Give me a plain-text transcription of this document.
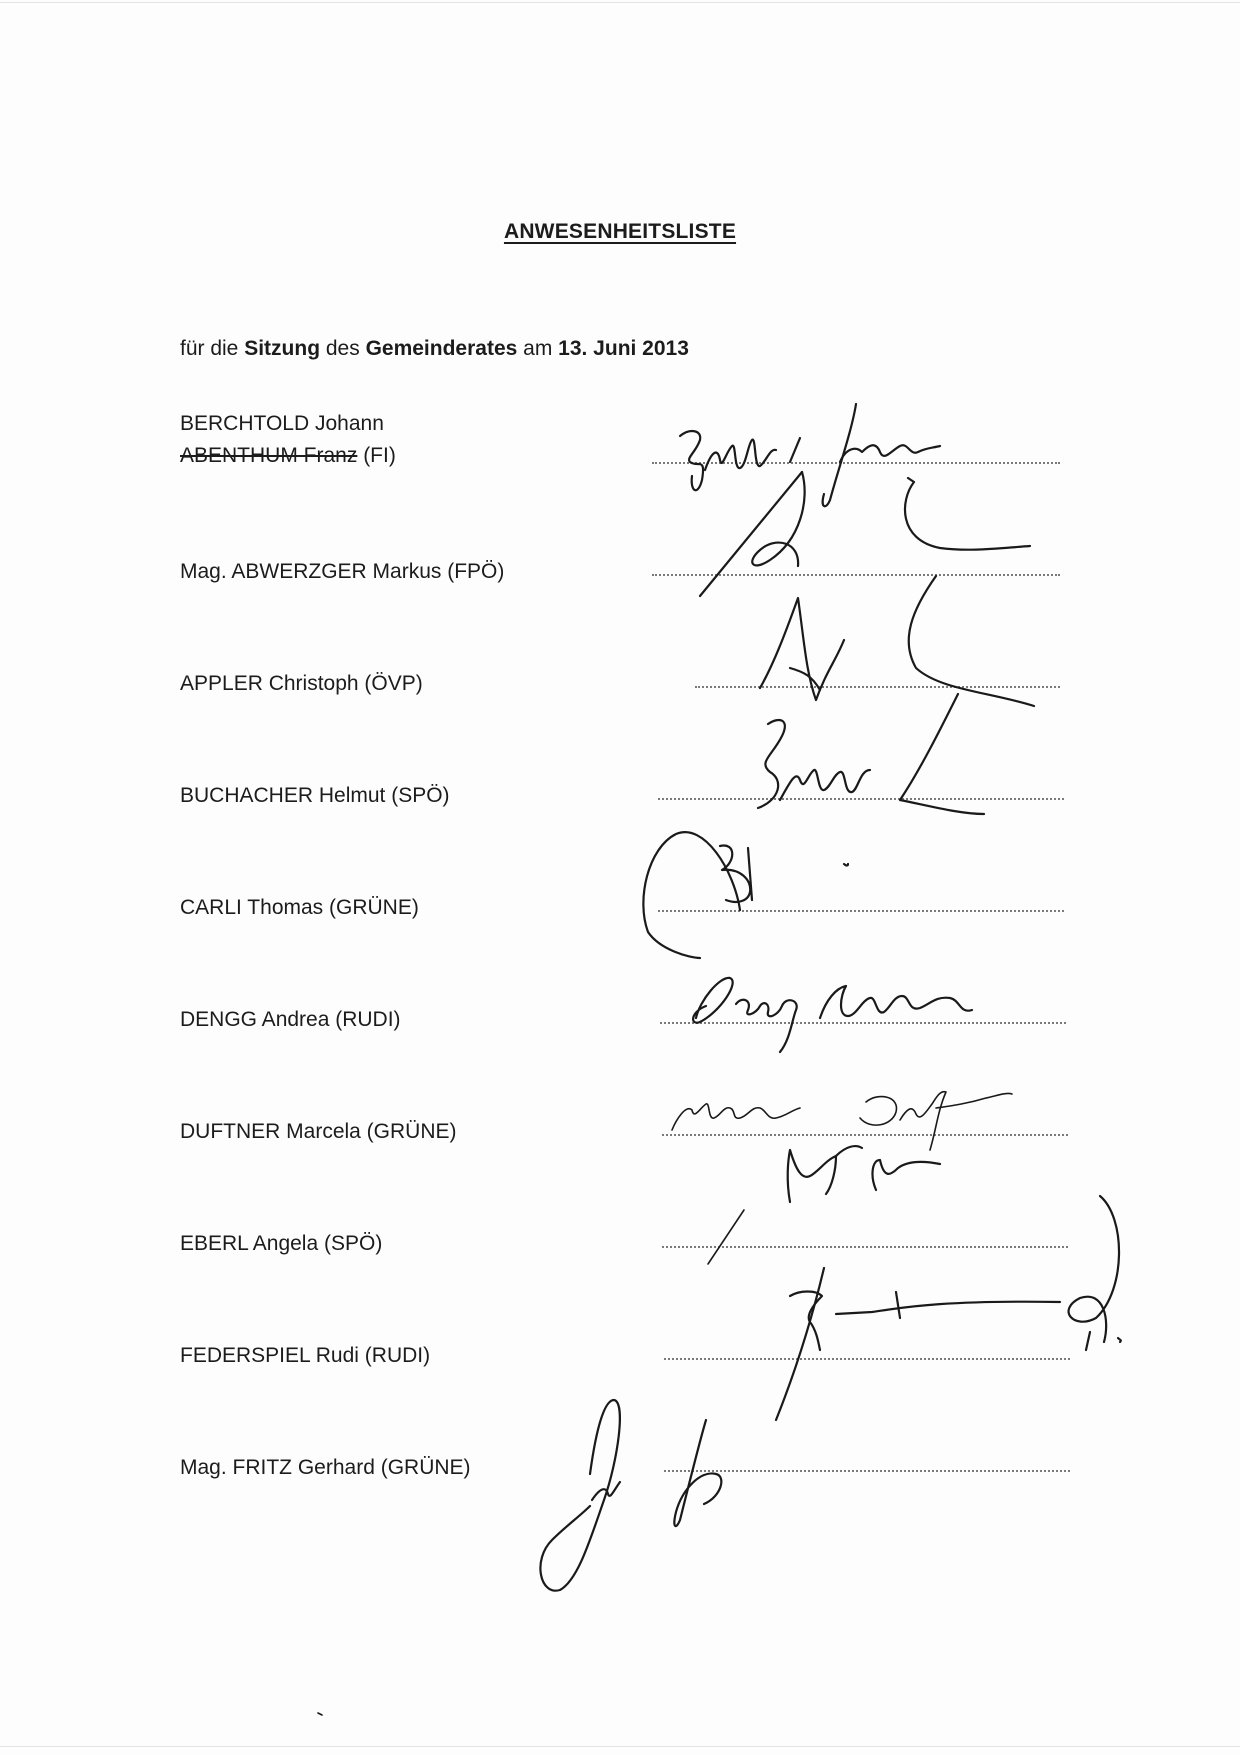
ANWESENHEITSLISTE
für die Sitzung des Gemeinderates am 13. Juni 2013
BERCHTOLD Johann
ABENTHUM Franz (FI)
Mag. ABWERZGER Markus (FPÖ)
APPLER Christoph (ÖVP)
BUCHACHER Helmut (SPÖ)
CARLI Thomas (GRÜNE)
DENGG Andrea (RUDI)
DUFTNER Marcela (GRÜNE)
EBERL Angela (SPÖ)
FEDERSPIEL Rudi (RUDI)
Mag. FRITZ Gerhard (GRÜNE)
